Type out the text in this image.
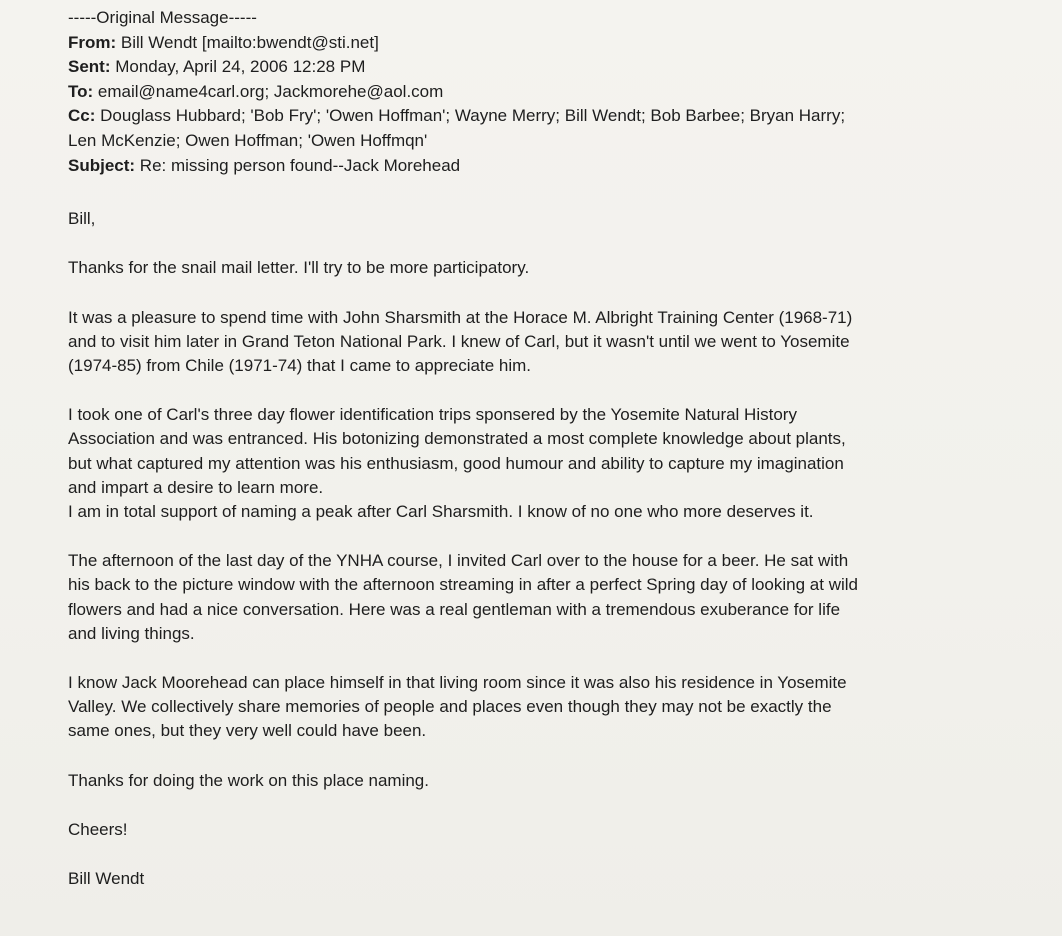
-----Original Message-----
From: Bill Wendt [mailto:bwendt@sti.net]
Sent: Monday, April 24, 2006 12:28 PM
To: email@name4carl.org; Jackmorehe@aol.com
Cc: Douglass Hubbard; 'Bob Fry'; 'Owen Hoffman'; Wayne Merry; Bill Wendt; Bob Barbee; Bryan Harry;
Len McKenzie; Owen Hoffman; 'Owen Hoffmqn'
Subject: Re: missing person found--Jack Morehead

Bill,

Thanks for the snail mail letter. I'll try to be more participatory.

It was a pleasure to spend time with John Sharsmith at the Horace M. Albright Training Center (1968-71)

and to visit him later in Grand Teton National Park. I knew of Carl, but it wasn't until we went to Yosemite

(1974-85) from Chile (1971-74) that I came to appreciate him.

I took one of Carl's three day flower identification trips sponsered by the Yosemite Natural History

Association and was entranced. His botonizing demonstrated a most complete knowledge about plants,

but what captured my attention was his enthusiasm, good humour and ability to capture my imagination

and impart a desire to learn more.

I am in total support of naming a peak after Carl Sharsmith. I know of no one who more deserves it.

The afternoon of the last day of the YNHA course, I invited Carl over to the house for a beer. He sat with

his back to the picture window with the afternoon streaming in after a perfect Spring day of looking at wild

flowers and had a nice conversation. Here was a real gentleman with a tremendous exuberance for life

and living things.

I know Jack Moorehead can place himself in that living room since it was also his residence in Yosemite

Valley. We collectively share memories of people and places even though they may not be exactly the

same ones, but they very well could have been.

Thanks for doing the work on this place naming.

Cheers!

Bill Wendt
